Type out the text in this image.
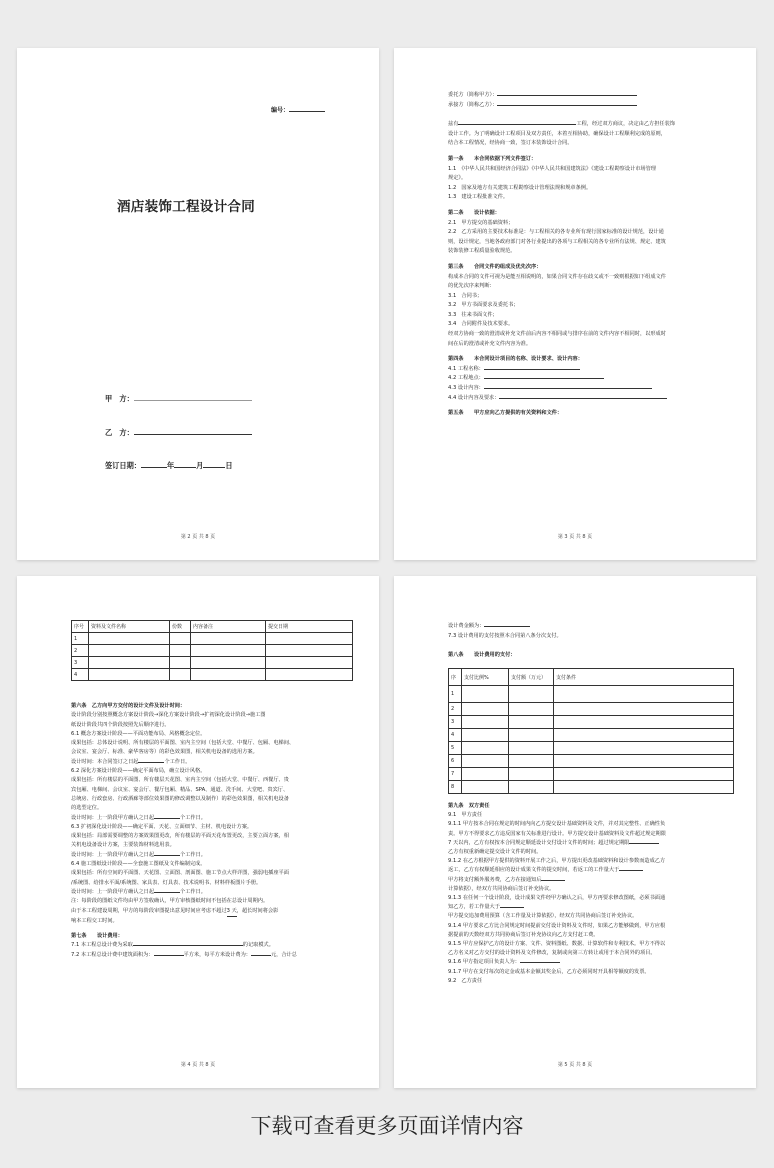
编号：
酒店装饰工程设计合同
甲　方：
乙　方：
签订日期：	年	月	日
第 2 页 共 8 页

委托方（简称甲方）：

承接方（简称乙方）：

兹有	工程，经过双方商议，决定由乙方担任装饰

设计工作。为了明确设计工程项目及双方责任，本着互相协助，确保设计工程顺利完成的原则，

结合本工程情况，经协商一致，签订本装饰设计合同。

第一条　　本合同依据下列文件签订：

1.1　《中华人民共和国经济合同法》《中华人民共和国建筑法》《建设工程勘察设计市场管理

规定》。

1.2　国家及地方有关建筑工程勘察设计管理法规和规章条例。

1.3　建设工程批准文件。

第二条　　设计依据：

2.1　甲方提交的基础资料；

2.2　乙方采用的主要技术标准是：与工程相关的各专业所有现行国家标准的设计规范，设计通

则，设计规定，当地各政府部门对各行业提出的各项与工程相关的各专业所有法规、规定、建筑

装饰装修工程质量验收规范。

第三条　　合同文件的组成及优先次序：

构成本合同的文件可视为是能互相说明的，如果合同文件存在歧义或不一致则根据如下组成文件

的优先次序来判断：

3.1　合同书；

3.2　甲方书面要求及委托书；

3.3　往来书面文件；

3.4　合同附件及技术要求。

经双方协商一致的澄清或补充文件前后内容不相同或与排序在前的文件内容不相同时，以形成时

间在后的澄清或补充文件内容为准。

第四条　　本合同设计项目的名称、设计要求、设计内容：

4.1 工程名称：

4.2 工程地点：

4.3 设计内容：

4.4 设计内容及要求：

第五条　　甲方应向乙方提供的有关资料和文件：

第 3 页 共 8 页
序号	资料及文件名称	份数	内容备注	提交日期
1				
2				
3				
4				

第六条　乙方向甲方交付的设计文件及设计时间：

设计阶段分别按照概念方案设计阶段→深化方案设计阶段→扩初深化设计阶段→施工图

纸设计阶段共四个阶段按照先后顺序进行。

6.1 概念方案设计阶段——平面功能布局、风格概念定位。

成果包括：总体设计说明、所有楼层的平面图、室内主空间（包括大堂、中餐厅、包厢、电梯间、

会议室、宴会厅、标准、豪华客房等）的彩色效果图，相关机电设备的选用方案。

设计时间：本合同签订之日起	个工作日。

6.2 深化方案设计阶段——确定平面布局，确立设计风格。

成果包括：所有楼层的平面图、所有楼层天花图、室内主空间（包括大堂、中餐厅、西餐厅、贵

宾包厢、电梯间、会议室、宴会厅、餐厅包厢、精品、SPA、通道、洗手间、大堂吧、贵宾厅、

总统房、行政套房、行政酒廊等部位效果图的修改调整以及制作）的彩色效果图，相关机电设备

的选型定位。

设计时间：上一阶段甲方确认之日起	个工作日。

6.3 扩初深化设计阶段——确定平面、天花、立面细节、主材、机电设计方案。

成果包括：局部需要调整的方案效果图更改，所有楼层的平面天花布置更改，主要立面方案，相

关机电设备设计方案，主要装饰材料选用表。

设计时间：上一阶段甲方确认之日起	个工作日。

6.4 施工图纸设计阶段——全套施工图纸及文件编制完成。

成果包括：所有空间的平面图、天花图、立面图、剖面图、施工节点大样详图，强弱电插座平面

/系统图、给排水平面/系统图、家具表、灯具表、技术说明书、材料样板图片手册。

设计时间：上一阶段甲方确认之日起	个工作日。

注：每阶段的图纸文件均由甲方签收确认，甲方审核图纸时间不包括在总设计周期内。

由于本工程建设周期，甲方的每阶段审图提出意见时间应考虑不超过3 天，超长时间将会影

响本工程交工时间。

第七条　　设计费用：

7.1 本工程总设计费为采取	的记取模式。

7.2 本工程总设计费中建筑面积为：	平方米，每平方米设计费为：	元，合计总

第 4 页 共 8 页

设计费金额为：

7.3 设计费用的支付按照本合同第八条分次支付。

第八条　　设计费用的支付：

序	支付比例%	支付额（万元）	支付条件
1			
2			
3			
4			
5			
6			
7			
8			

第九条　双方责任

9.1　甲方责任

9.1.1 甲方按本合同在规定的时间内向乙方提交设计基础资料及文件，并对其完整性、正确性负

责。甲方不得要求乙方违反国家有关标准进行设计。甲方提交设计基础资料及文件超过规定期限

7 天以内，乙方有权按本合同规定顺延设计交付设计文件的时间；超过规定期限

乙方有权重新确定提交设计文件的时间。

9.1.2 在乙方根据甲方提供的资料开展工作之后，甲方提出更改基础资料和设计参数而造成乙方

返工，乙方有权顺延相应的设计成果文件的提交时间，若返工的工作量大于

甲方将支付额外服务费，乙方在接通知后

计算依据），经双方共同协商后签订补充协议。

9.1.3 在任何一个设计阶段，设计成果文件经甲方确认之后，甲方再要求修改图纸，必须书面通

知乙方，若工作量大于

甲方提交追加费用预算（含工作量及计算依据），经双方共同协商后签订补充协议。

9.1.4 甲方要求乙方比合同规定时间提前交付设计资料及文件时，如果乙方能够做到，甲方应根

据提前的天数经双方共同协商后签订补充协议向乙方支付赶工费。

9.1.5 甲方应保护乙方的设计方案、文件、资料图纸、数据、计算软件和专利技术。甲方不得以

乙方名义对乙方交付的设计资料及文件修改，复制或向第三方转让或用于本合同外的项目。

9.1.6 甲方指定项目负责人为：

9.1.7 甲方在支付每次的定金或基本金额其奖金后，乙方必须同时开具相等额度的发票。

9.2　乙方责任

第 5 页 共 8 页
下载可查看更多页面详情内容
